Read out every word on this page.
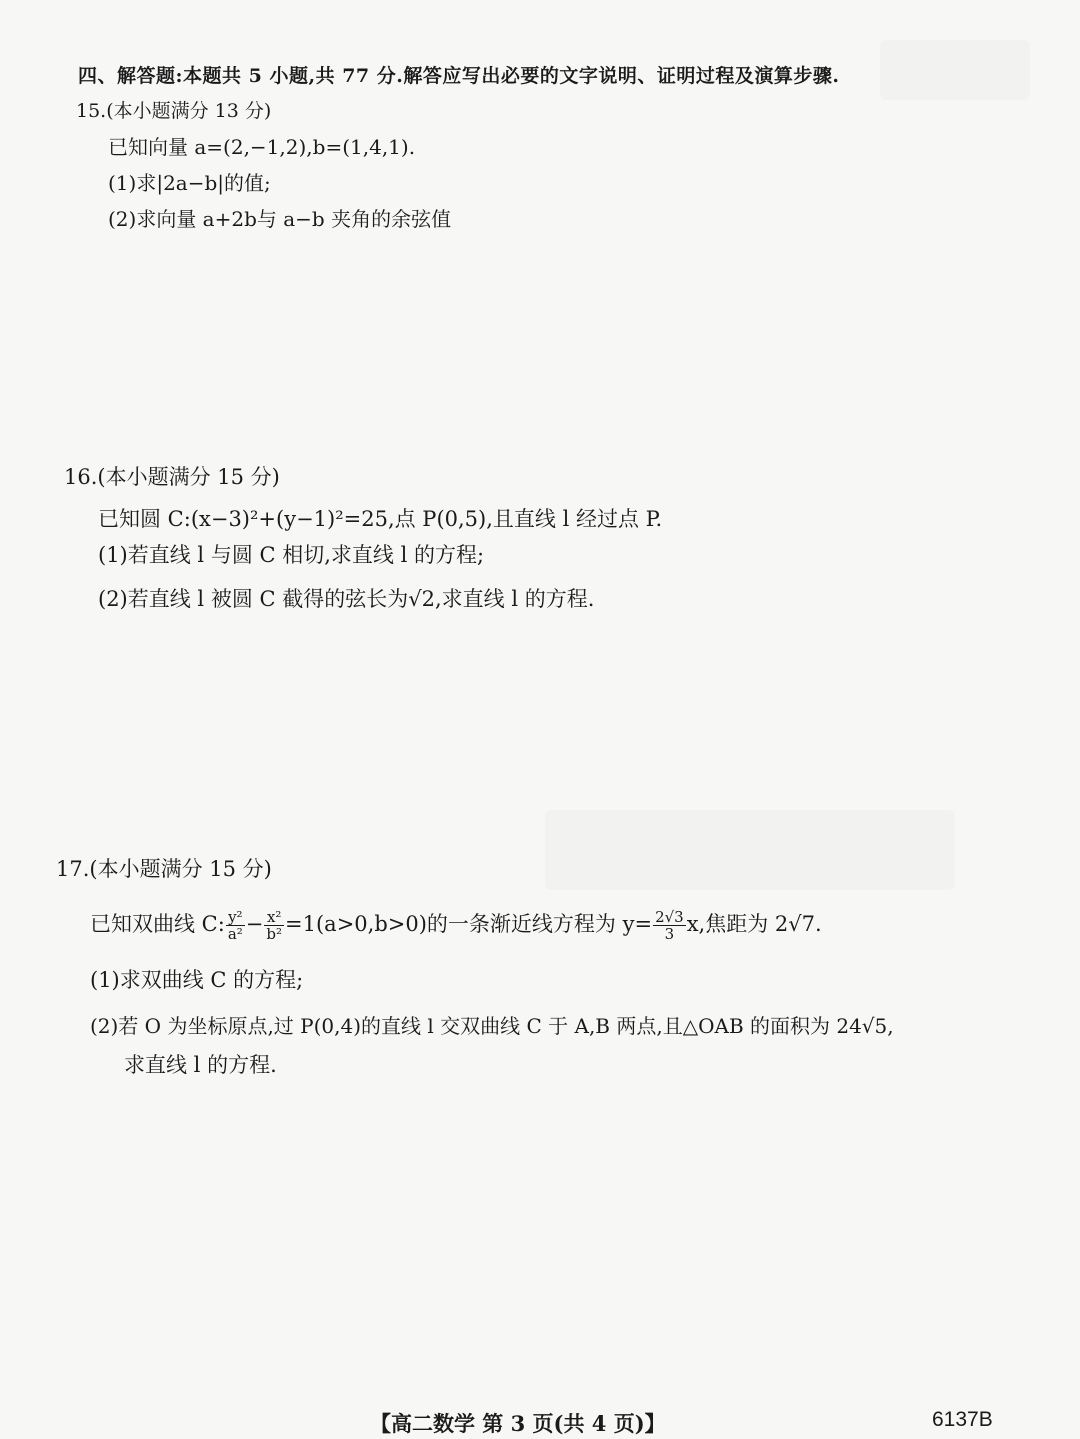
四、解答题:本题共 5 小题,共 77 分.解答应写出必要的文字说明、证明过程及演算步骤.
15.(本小题满分 13 分)
已知向量 a=(2,−1,2),b=(1,4,1).
(1)求|2a−b|的值;
(2)求向量 a+2b与 a−b 夹角的余弦值
16.(本小题满分 15 分)
已知圆 C:(x−3)²+(y−1)²=25,点 P(0,5),且直线 l 经过点 P.
(1)若直线 l 与圆 C 相切,求直线 l 的方程;
(2)若直线 l 被圆 C 截得的弦长为√2,求直线 l 的方程.
17.(本小题满分 15 分)
已知双曲线 C: $\frac{\text{y²}}{\text{a²}} - \frac{\text{x²}}{\text{b²}} =1(a>0,b>0)$的一条渐近线方程为 $y= \frac{2√3}{3} x$,焦距为 2√7.
(1)求双曲线 C 的方程;
(2)若 O 为坐标原点,过 P(0,4)的直线 l 交双曲线 C 于 A,B 两点,且△OAB 的面积为 24√5,
求直线 l 的方程.
【高二数学 第 3 页(共 4 页)】	6137B
